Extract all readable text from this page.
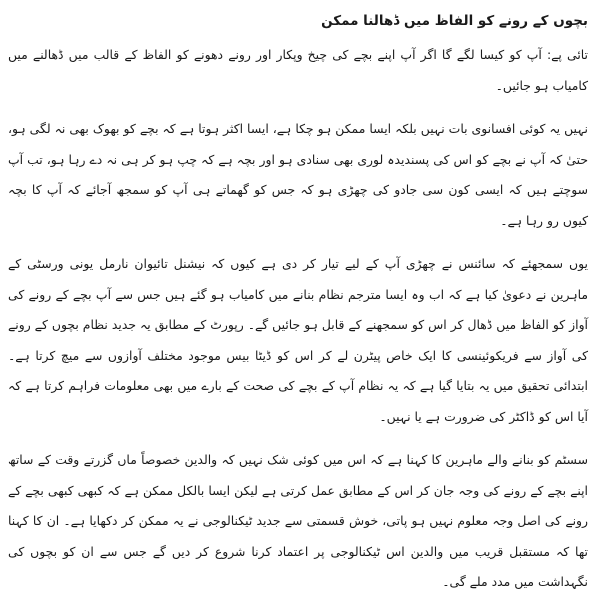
بچوں کے رونے کو الفاظ میں ڈھالنا ممکن

تائی پے: آپ کو کیسا لگے گا اگر آپ اپنے بچے کی چیخ وپکار اور رونے دھونے کو الفاظ کے قالب میں ڈھالنے میں کامیاب ہو جائیں۔

نہیں یہ کوئی افسانوی بات نہیں بلکہ ایسا ممکن ہو چکا ہے، ایسا اکثر ہوتا ہے کہ بچے کو بھوک بھی نہ لگی ہو، حتیٰ کہ آپ نے بچے کو اس کی پسندیدہ لوری بھی سنادی ہو اور بچہ ہے کہ چپ ہو کر ہی نہ دے رہا ہو، تب آپ سوچتے ہیں کہ ایسی کون سی جادو کی چھڑی ہو کہ جس کو گھماتے ہی آپ کو سمجھ آجائے کہ آپ کا بچہ کیوں رو رہا ہے۔

یوں سمجھئے کہ سائنس نے چھڑی آپ کے لیے تیار کر دی ہے کیوں کہ نیشنل تائیوان نارمل یونی ورسٹی کے ماہرین نے دعویٰ کیا ہے کہ اب وہ ایسا مترجم نظام بنانے میں کامیاب ہو گئے ہیں جس سے آپ بچے کے رونے کی آواز کو الفاظ میں ڈھال کر اس کو سمجھنے کے قابل ہو جائیں گے۔ رپورٹ کے مطابق یہ جدید نظام بچوں کے رونے کی آواز سے فریکوئینسی کا ایک خاص پیٹرن لے کر اس کو ڈیٹا بیس موجود مختلف آوازوں سے میچ کرتا ہے۔ ابتدائی تحقیق میں یہ بتایا گیا ہے کہ یہ نظام آپ کے بچے کی صحت کے بارے میں بھی معلومات فراہم کرتا ہے کہ آیا اس کو ڈاکٹر کی ضرورت ہے یا نہیں۔

سسٹم کو بنانے والے ماہرین کا کہنا ہے کہ اس میں کوئی شک نہیں کہ والدین خصوصاً ماں گزرتے وقت کے ساتھ اپنے بچے کے رونے کی وجہ جان کر اس کے مطابق عمل کرتی ہے لیکن ایسا بالکل ممکن ہے کہ کبھی کبھی بچے کے رونے کی اصل وجہ معلوم نہیں ہو پاتی، خوش قسمتی سے جدید ٹیکنالوجی نے یہ ممکن کر دکھایا ہے۔ ان کا کہنا تھا کہ مستقبل قریب میں والدین اس ٹیکنالوجی پر اعتماد کرنا شروع کر دیں گے جس سے ان کو بچوں کی نگہداشت میں مدد ملے گی۔
